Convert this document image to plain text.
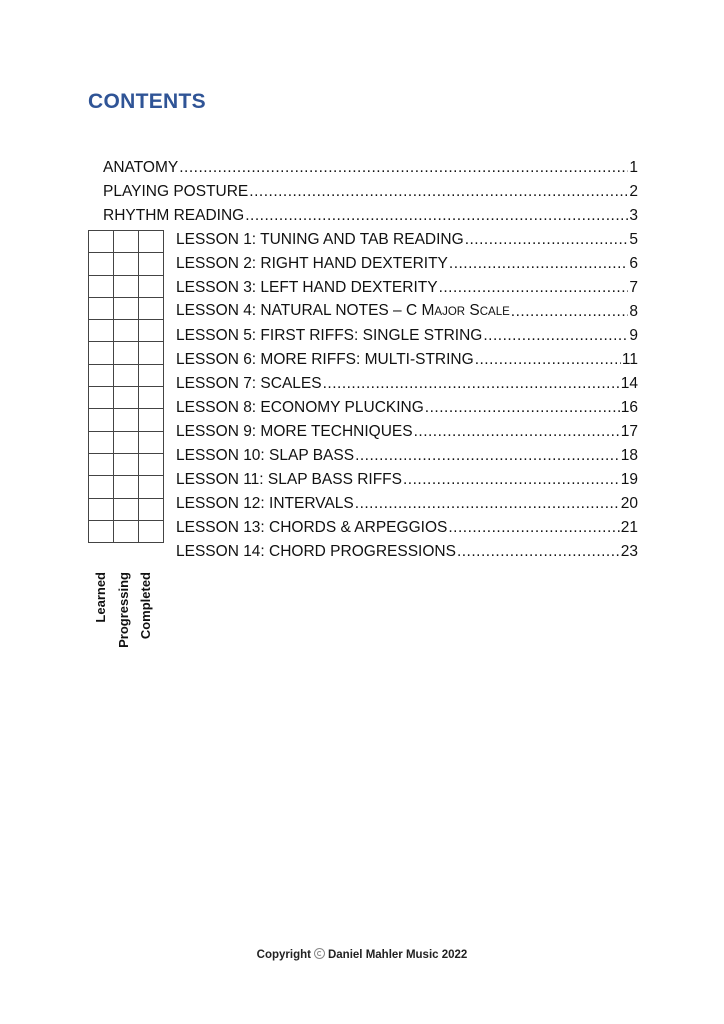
CONTENTS
ANATOMY .....	1
PLAYING POSTURE .....	2
RHYTHM READING .....	3
LESSON 1: TUNING AND TAB READING .....	5
LESSON 2: RIGHT HAND DEXTERITY .....	6
LESSON 3: LEFT HAND DEXTERITY .....	7
LESSON 4: NATURAL NOTES – C MAJOR SCALE .....	8
LESSON 5: FIRST RIFFS: SINGLE STRING .....	9
LESSON 6: MORE RIFFS: MULTI-STRING .....	11
LESSON 7: SCALES .....	14
LESSON 8: ECONOMY PLUCKING .....	16
LESSON 9: MORE TECHNIQUES .....	17
LESSON 10: SLAP BASS .....	18
LESSON 11: SLAP BASS RIFFS .....	19
LESSON 12: INTERVALS .....	20
LESSON 13: CHORDS & ARPEGGIOS .....	21
LESSON 14: CHORD PROGRESSIONS .....	23

Learned Progressing Completed
Copyright Daniel Mahler Music 2022
